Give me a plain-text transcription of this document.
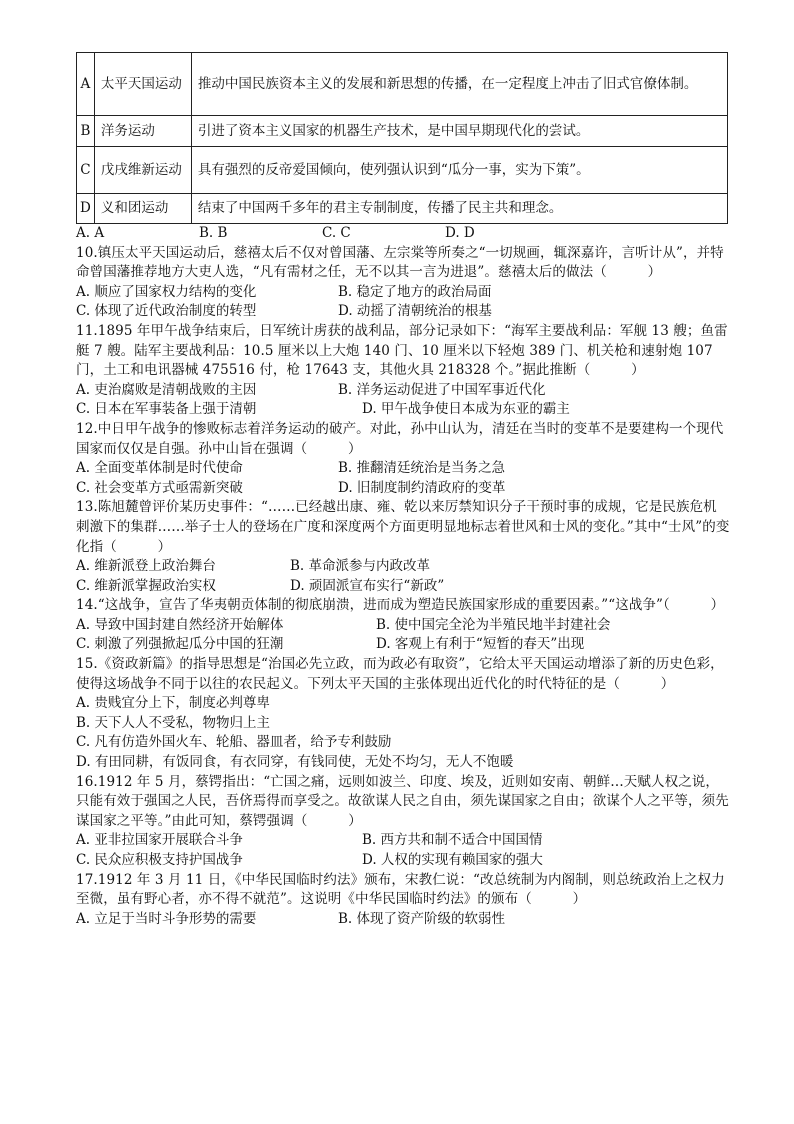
A	太平天国运动	推动中国民族资本主义的发展和新思想的传播，在一定程度上冲击了旧式官僚体制。
B	洋务运动	引进了资本主义国家的机器生产技术，是中国早期现代化的尝试。
C	戊戌维新运动	具有强烈的反帝爱国倾向，使列强认识到“瓜分一事，实为下策”。
D	义和团运动	结束了中国两千多年的君主专制制度，传播了民主共和理念。
A. A	B. B	C. C	D. D

10.镇压太平天国运动后，慈禧太后不仅对曾国藩、左宗棠等所奏之“一切规画，辄深嘉许，言听计从”，并特命曾国藩推荐地方大吏人选，“凡有需材之任，无不以其一言为进退”。慈禧太后的做法（　　　）

A. 顺应了国家权力结构的变化	B. 稳定了地方的政治局面
C. 体现了近代政治制度的转型	D. 动摇了清朝统治的根基

11.1895 年甲午战争结束后，日军统计虏获的战利品，部分记录如下：“海军主要战利品：军舰 13 艘；鱼雷艇 7 艘。陆军主要战利品：10.5 厘米以上大炮 140 门、10 厘米以下轻炮 389 门、机关枪和速射炮 107 门，土工和电讯器械 475516 付，枪 17643 支，其他火具 218328 个。”据此推断（　　　）

A. 吏治腐败是清朝战败的主因	B. 洋务运动促进了中国军事近代化
C. 日本在军事装备上强于清朝	D. 甲午战争使日本成为东亚的霸主

12.中日甲午战争的惨败标志着洋务运动的破产。对此，孙中山认为，清廷在当时的变革不是要建构一个现代国家而仅仅是自强。孙中山旨在强调（　　　）

A. 全面变革体制是时代使命	B. 推翻清廷统治是当务之急
C. 社会变革方式亟需新突破	D. 旧制度制约清政府的变革

13.陈旭麓曾评价某历史事件：“……已经越出康、雍、乾以来厉禁知识分子干预时事的成规，它是民族危机刺激下的集群……举子士人的登场在广度和深度两个方面更明显地标志着世风和士风的变化。”其中“士风”的变化指（　　　）

A. 维新派登上政治舞台	B. 革命派参与内政改革
C. 维新派掌握政治实权	D. 顽固派宣布实行“新政”

14.“这战争，宣告了华夷朝贡体制的彻底崩溃，进而成为塑造民族国家形成的重要因素。”“这战争”（　　　）

A. 导致中国封建自然经济开始解体	B. 使中国完全沦为半殖民地半封建社会
C. 刺激了列强掀起瓜分中国的狂潮	D. 客观上有利于“短暂的春天”出现

15.《资政新篇》的指导思想是“治国必先立政，而为政必有取资”，它给太平天国运动增添了新的历史色彩，使得这场战争不同于以往的农民起义。下列太平天国的主张体现出近代化的时代特征的是（　　　）

A. 贵贱宜分上下，制度必判尊卑
B. 天下人人不受私，物物归上主
C. 凡有仿造外国火车、轮船、器皿者，给予专利鼓励
D. 有田同耕，有饭同食，有衣同穿，有钱同使，无处不均匀，无人不饱暖

16.1912 年 5 月，蔡锷指出：“亡国之痛，远则如波兰、印度、埃及，近则如安南、朝鲜…天赋人权之说，只能有效于强国之人民，吾侪焉得而享受之。故欲谋人民之自由，须先谋国家之自由；欲谋个人之平等，须先谋国家之平等。”由此可知，蔡锷强调（　　　）

A. 亚非拉国家开展联合斗争	B. 西方共和制不适合中国国情
C. 民众应积极支持护国战争	D. 人权的实现有赖国家的强大

17.1912 年 3 月 11 日，《中华民国临时约法》颁布，宋教仁说：“改总统制为内阁制，则总统政治上之权力至微，虽有野心者，亦不得不就范”。这说明《中华民国临时约法》的颁布（　　　）

A. 立足于当时斗争形势的需要	B. 体现了资产阶级的软弱性
